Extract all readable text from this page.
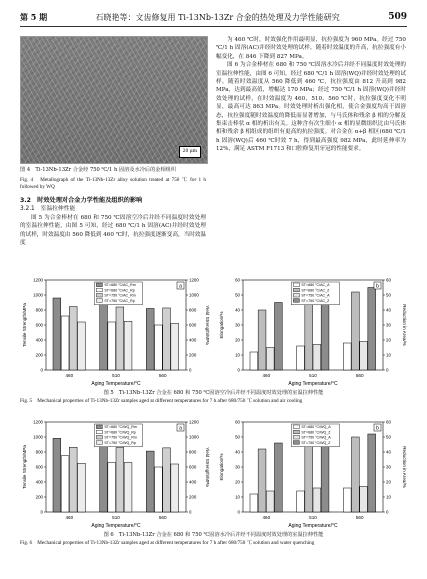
第 5 期	石晓艳等：文齿修复用 Ti-13Nb-13Zr 合金的热处理及力学性能研究	509
20 μm
图 4　Ti-13Nb-13Zr 合金经 750 ℃/1 h 固溶及水冷后的金相组织
Fig. 4　Metallograph of the Ti-13Nb-13Zr alloy solution treated at 750 ℃ for 1 h followed by WQ
3.2　时效处理对合金力学性能及组织的影响
3.2.1　室温拉伸性能

图 5 为合金棒材在 680 和 750 ℃固溶空冷后并经不同温度时效处理的室温拉伸性能，由图 5 可知，经过 680 ℃/1 h 固溶(AC)并经时效处理的试样，时效温度由 560 降低到 460 ℃时，抗拉强度逐渐变高，当时效温度

为 460 ℃时，时效强化作用最明显，抗拉强度为 960 MPa。经过 750 ℃/1 h 固溶(AC)并经时效处理的试样，随着时效温度的升高，抗拉强度有小幅变化，在 846 下降到 827 MPa。

图 6 为合金棒材在 680 和 750 ℃固溶水冷后并经不同温度时效处理的室温拉伸性能，由图 6 可知，经过 680 ℃/1 h 固溶(WQ)并经时效处理的试样，随着时效温度从 560 降低到 460 ℃，抗拉强度由 812 升高到 982 MPa，达到最高值，增幅达 170 MPa；经过 750 ℃/1 h 固溶(WQ)并经时效处理的试样，在时效温度为 460、510、560 ℃时，抗拉强度变化不明显，最高可达 863 MPa。时效处理时析出强化相，使合金强度均高于固溶态，抗拉强度随时效温度的降低而显著增加，与马氏体和残余 β 相的分解及集束击棒状 α 相的析出有关。这种含有次生细小 α 相的显微组织比由马氏体相和残余 β 相组成的组织有更高的抗拉强度。对合金在 α+β 相区(680 ℃/1 h 固溶(WQ)后 460 ℃时效 7 h，得到最高强度 982 MPa，此时延伸率为 12%，满足 ASTM F1713 和口腔修复用牙冠的性能要求。

0	0
200	200
400	400
600	600
800	800
1000	1000
1200	1200
460	510	560
Aging Temperature/°C
Tensile Strength/MPa	Yield Strength/MPa
a
ST=680 °C/AC_Rm
ST=680 °C/AC_Rp
ST=750 °C/AC_Rm
ST=750 °C/AC_Rp
0	0
10	10
20	20
30	30
40	40
50	50
60	60
460	510	560
Aging Temperature/°C
Elongation/%	Reduction in Area/%
b
ST=680 °C/AC_A
ST=680 °C/AC_Z
ST=750 °C/AC_A
ST=750 °C/AC_Z
图 5　Ti-13Nb-13Zr 合金在 680 和 750 ℃固溶空冷后并经不同温度时效处理的室温拉伸性能
Fig. 5　Mechanical properties of Ti-13Nb-13Zr samples aged at different temperatures for 7 h after 680/750 ℃ solution and air cooling
0	0
200	200
400	400
600	600
800	800
1000	1000
1200	1200
460	510	560
Aging Temperature/°C
Tensile Strength/MPa	Yield Strength/MPa
a
ST=680 °C/WQ_Rm
ST=680 °C/WQ_Rp
ST=750 °C/WQ_Rm
ST=750 °C/WQ_Rp
0	0
10	10
20	20
30	30
40	40
50	50
60	60
460	510	560
Aging Temperature/°C
Elongation/%	Reduction in Area/%
b
ST=680 °C/WQ_A
ST=680 °C/WQ_Z
ST=750 °C/WQ_A
ST=750 °C/WQ_Z
图 6　Ti-13Nb-13Zr 合金在 680 和 750 ℃固溶水冷后并经不同温度时效处理的室温拉伸性能
Fig. 6　Mechanical properties of Ti-13Nb-13Zr samples aged at different temperatures for 7 h after 680/750 ℃ solution and water quenching
